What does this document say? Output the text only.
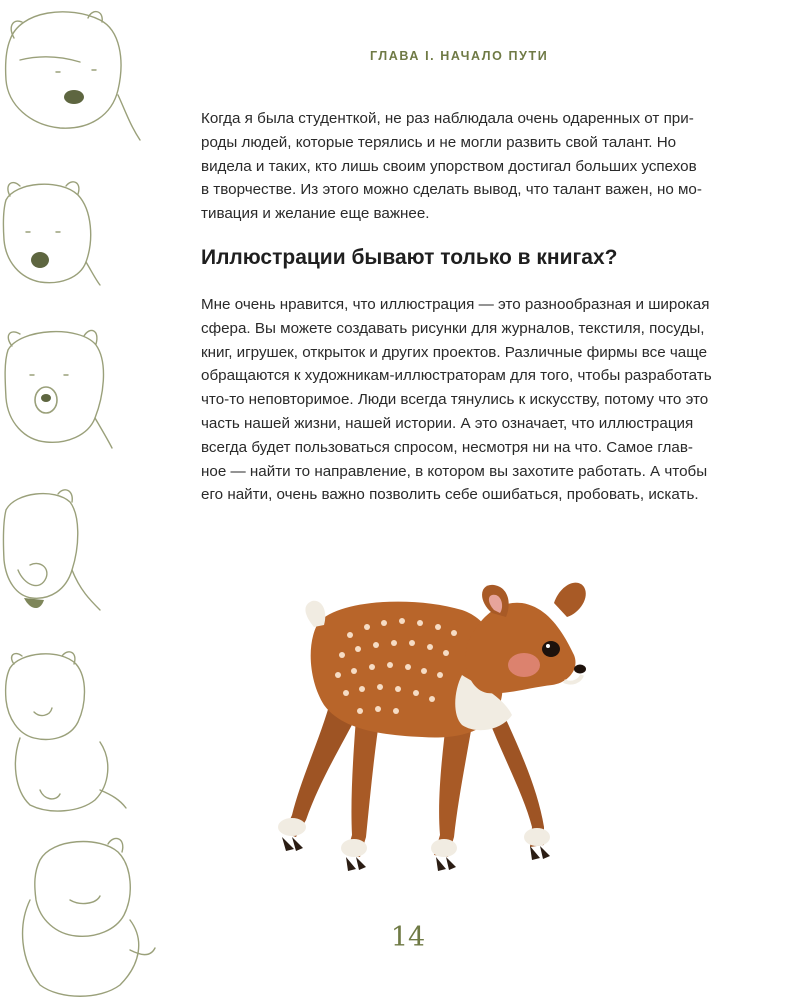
ГЛАВА I. НАЧАЛО ПУТИ

Когда я была студенткой, не раз наблюдала очень одаренных от при-
роды людей, которые терялись и не могли развить свой талант. Но
видела и таких, кто лишь своим упорством достигал больших успехов
в творчестве. Из этого можно сделать вывод, что талант важен, но мо-
тивация и желание еще важнее.

Иллюстрации бывают только в книгах?

Мне очень нравится, что иллюстрация — это разнообразная и широкая
сфера. Вы можете создавать рисунки для журналов, текстиля, посуды,
книг, игрушек, открыток и других проектов. Различные фирмы все чаще
обращаются к художникам-иллюстраторам для того, чтобы разработать
что-то неповторимое. Люди всегда тянулись к искусству, потому что это
часть нашей жизни, нашей истории. А это означает, что иллюстрация
всегда будет пользоваться спросом, несмотря ни на что. Самое глав-
ное — найти то направление, в котором вы захотите работать. А чтобы
его найти, очень важно позволить себе ошибаться, пробовать, искать.

14
